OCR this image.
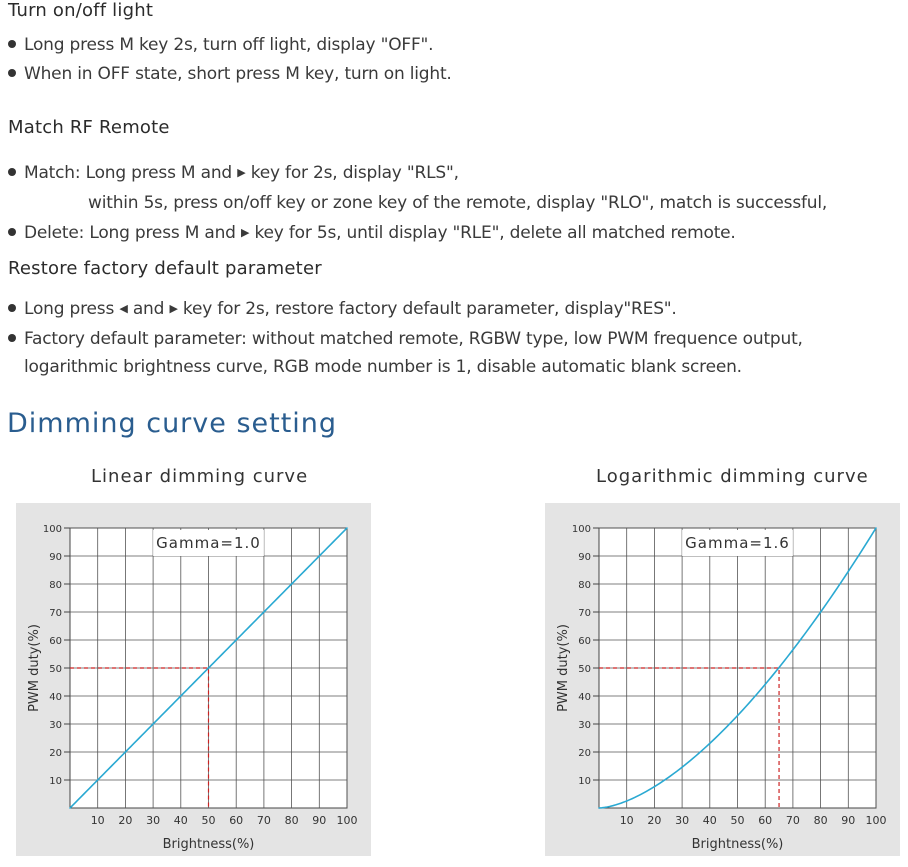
Turn on/off light
Long press M key 2s, turn off light, display "OFF".
When in OFF state, short press M key, turn on light.
Match RF Remote
Match: Long press M and ▶ key for 2s, display "RLS",
within 5s, press on/off key or zone key of the remote, display "RLO", match is successful,
Delete: Long press M and ▶ key for 5s, until display "RLE", delete all matched remote.
Restore factory default parameter
Long press ◀ and ▶ key for 2s, restore factory default parameter, display"RES".
Factory default parameter: without matched remote, RGBW type, low PWM frequence output,
logarithmic brightness curve, RGB mode number is 1, disable automatic blank screen.
Dimming curve setting
Linear dimming curve	Logarithmic dimming curve
10 20 30 40 50 60 70 80 90 100
10
20
30
40
50
60
70
80
90
100
Brightness(%)
PWM duty(%)
Gamma=1.0
10 20 30 40 50 60 70 80 90 100
10
20
30
40
50
60
70
80
90
100
Brightness(%)
PWM duty(%)
Gamma=1.6
